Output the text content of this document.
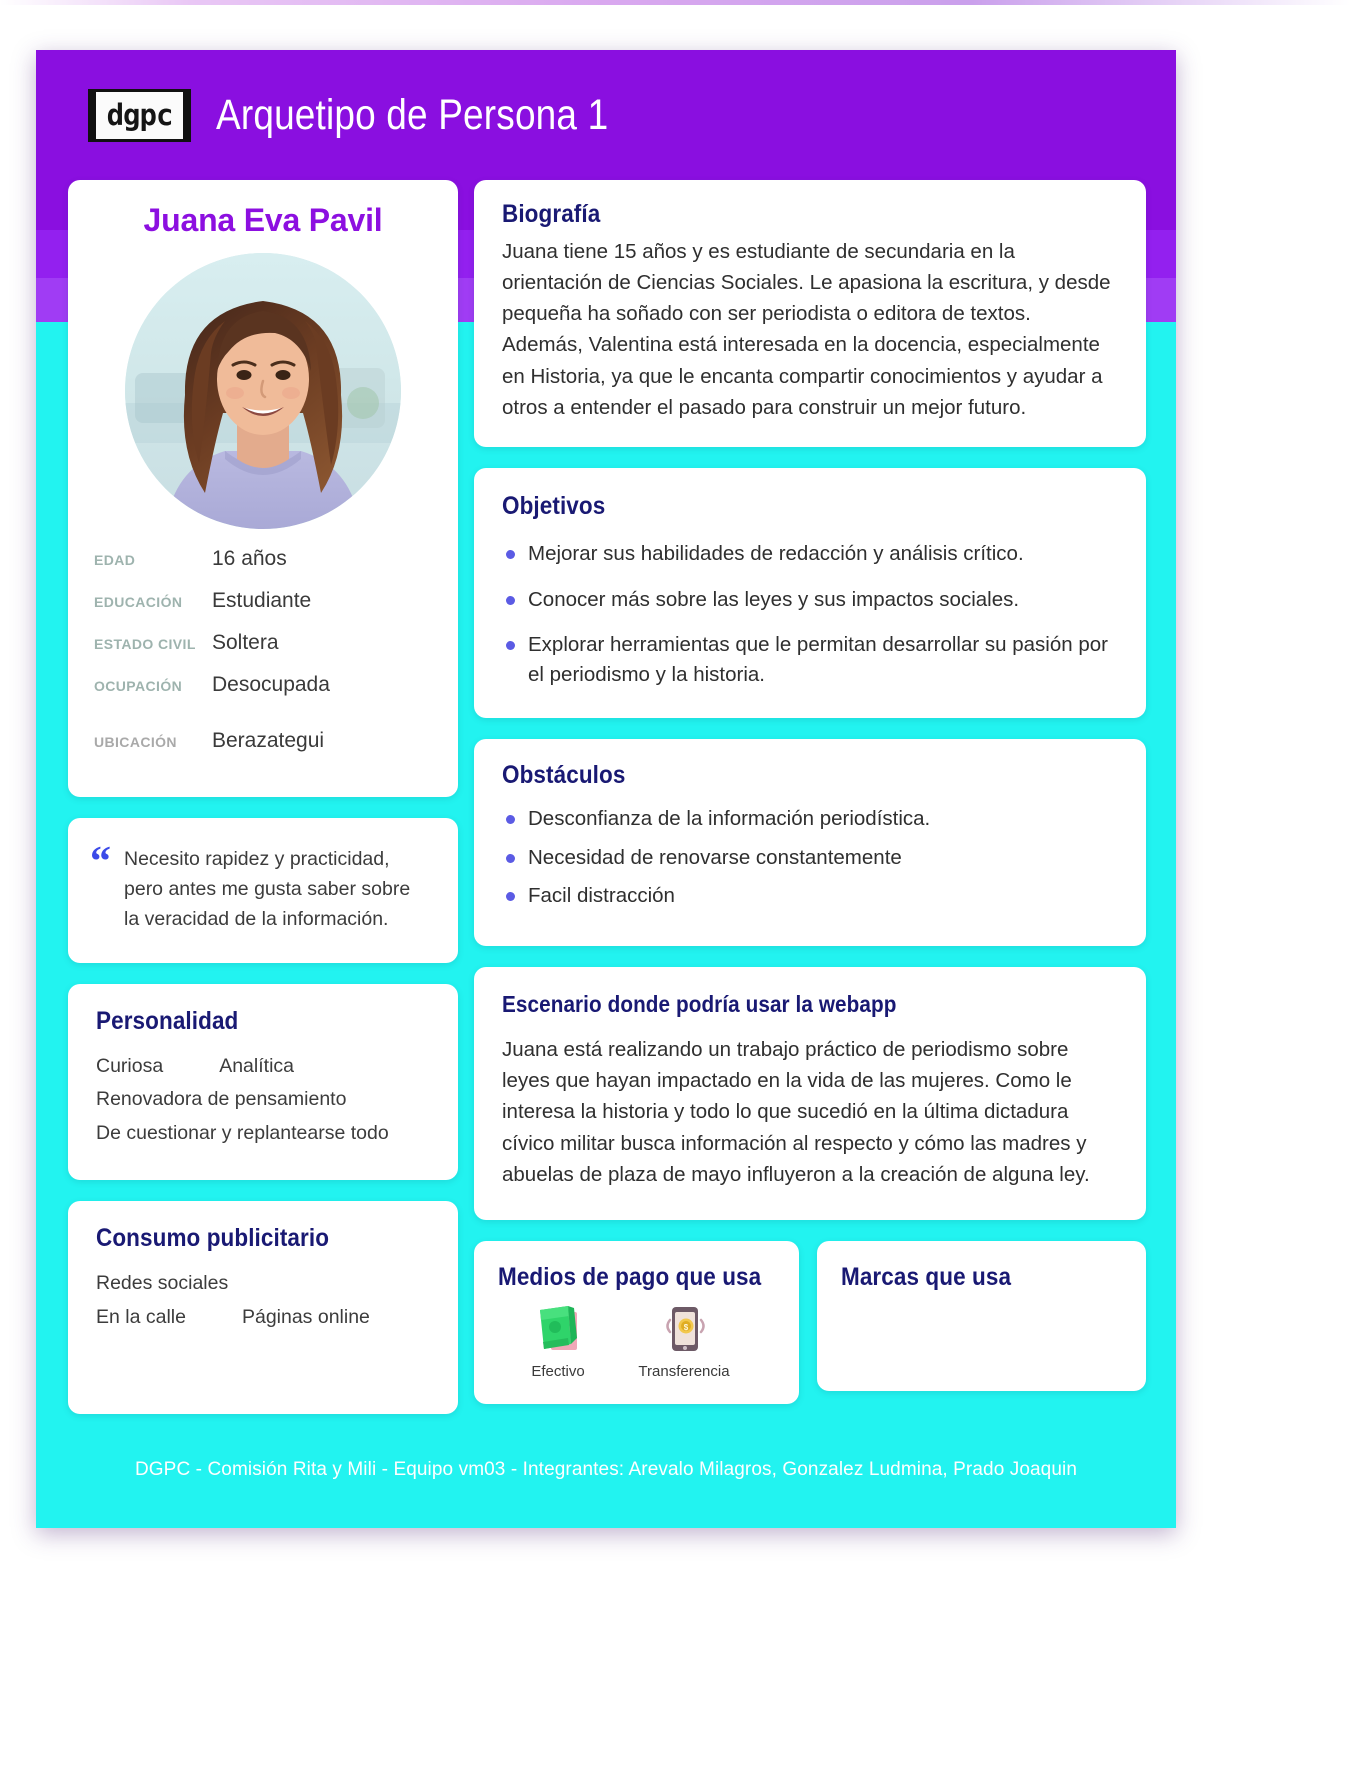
dgpc Arquetipo de Persona 1
Juana Eva Pavil
EDAD	16 años
EDUCACIÓN	Estudiante
ESTADO CIVIL Soltera
OCUPACIÓN	Desocupada
UBICACIÓN	Berazategui
“ Necesito rapidez y practicidad,
pero antes me gusta saber sobre
la veracidad de la información.
Personalidad

Curiosa	Analítica

Renovadora de pensamiento

De cuestionar y replantearse todo

Consumo publicitario

Redes sociales

En la calle	Páginas online

Biografía

Juana tiene 15 años y es estudiante de secundaria en la orientación de Ciencias Sociales. Le apasiona la escritura, y desde pequeña ha soñado con ser periodista o editora de textos. Además, Valentina está interesada en la docencia, especialmente en Historia, ya que le encanta compartir conocimientos y ayudar a otros a entender el pasado para construir un mejor futuro.

Objetivos
Mejorar sus habilidades de redacción y análisis crítico.
Conocer más sobre las leyes y sus impactos sociales.
Explorar herramientas que le permitan desarrollar su pasión por el periodismo y la historia.
Obstáculos
Desconfianza de la información periodística.
Necesidad de renovarse constantemente
Facil distracción
Escenario donde podría usar la webapp

Juana está realizando un trabajo práctico de periodismo sobre leyes que hayan impactado en la vida de las mujeres. Como le interesa la historia y todo lo que sucedió en la última dictadura cívico militar busca información al respecto y cómo las madres y abuelas de plaza de mayo influyeron a la creación de alguna ley.

Medios de pago que usa
Efectivo
$
Transferencia
Marcas que usa
DGPC - Comisión Rita y Mili - Equipo vm03 - Integrantes: Arevalo Milagros, Gonzalez Ludmina, Prado Joaquin
